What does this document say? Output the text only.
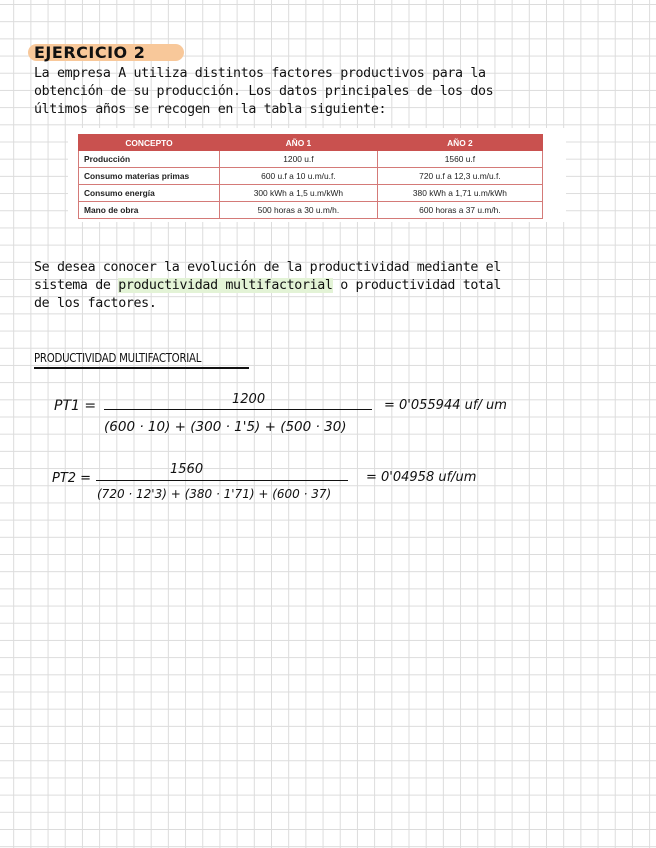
EJERCICIO 2
La empresa A utiliza distintos factores productivos para la
obtención de su producción. Los datos principales de los dos
últimos años se recogen en la tabla siguiente:
CONCEPTO	AÑO 1	AÑO 2
Producción	1200 u.f	1560 u.f
Consumo materias primas	600 u.f a 10 u.m/u.f.	720 u.f a 12,3 u.m/u.f.
Consumo energía	300 kWh a 1,5 u.m/kWh	380 kWh a 1,71 u.m/kWh
Mano de obra	500 horas a 30 u.m/h.	600 horas a 37 u.m/h.
Se desea conocer la evolución de la productividad mediante el
sistema de productividad multifactorial o productividad total
de los factores.
PRODUCTIVIDAD MULTIFACTORIAL
PT1 =	1200
(600 · 10) + (300 · 1'5) + (500 · 30)
= 0'055944 uf/ um
PT2 =
1560
(720 · 12'3) + (380 · 1'71) + (600 · 37)
= 0'04958 uf/um
